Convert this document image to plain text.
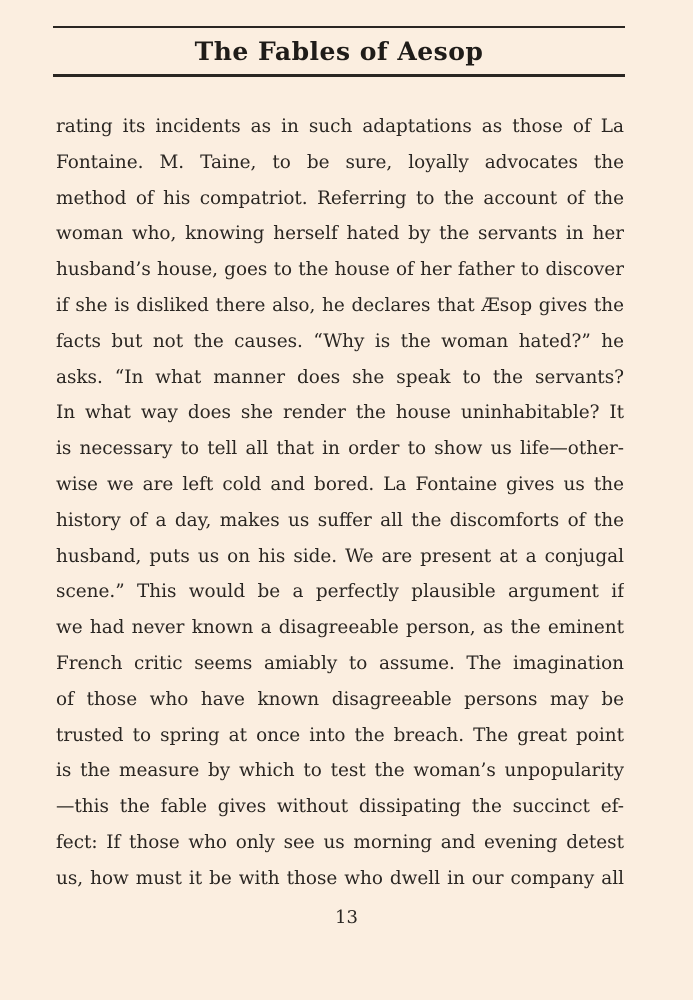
The Fables of Aesop
rating its incidents as in such adaptations as those of La
Fontaine. M. Taine, to be sure, loyally advocates the
method of his compatriot. Referring to the account of the
woman who, knowing herself hated by the servants in her
husband’s house, goes to the house of her father to discover
if she is disliked there also, he declares that Æsop gives the
facts but not the causes. “Why is the woman hated?” he
asks. “In what manner does she speak to the servants?
In what way does she render the house uninhabitable? It
is necessary to tell all that in order to show us life—other-
wise we are left cold and bored. La Fontaine gives us the
history of a day, makes us suffer all the discomforts of the
husband, puts us on his side. We are present at a conjugal
scene.” This would be a perfectly plausible argument if
we had never known a disagreeable person, as the eminent
French critic seems amiably to assume. The imagination
of those who have known disagreeable persons may be
trusted to spring at once into the breach. The great point
is the measure by which to test the woman’s unpopularity
—this the fable gives without dissipating the succinct ef-
fect: If those who only see us morning and evening detest
us, how must it be with those who dwell in our company all
13
